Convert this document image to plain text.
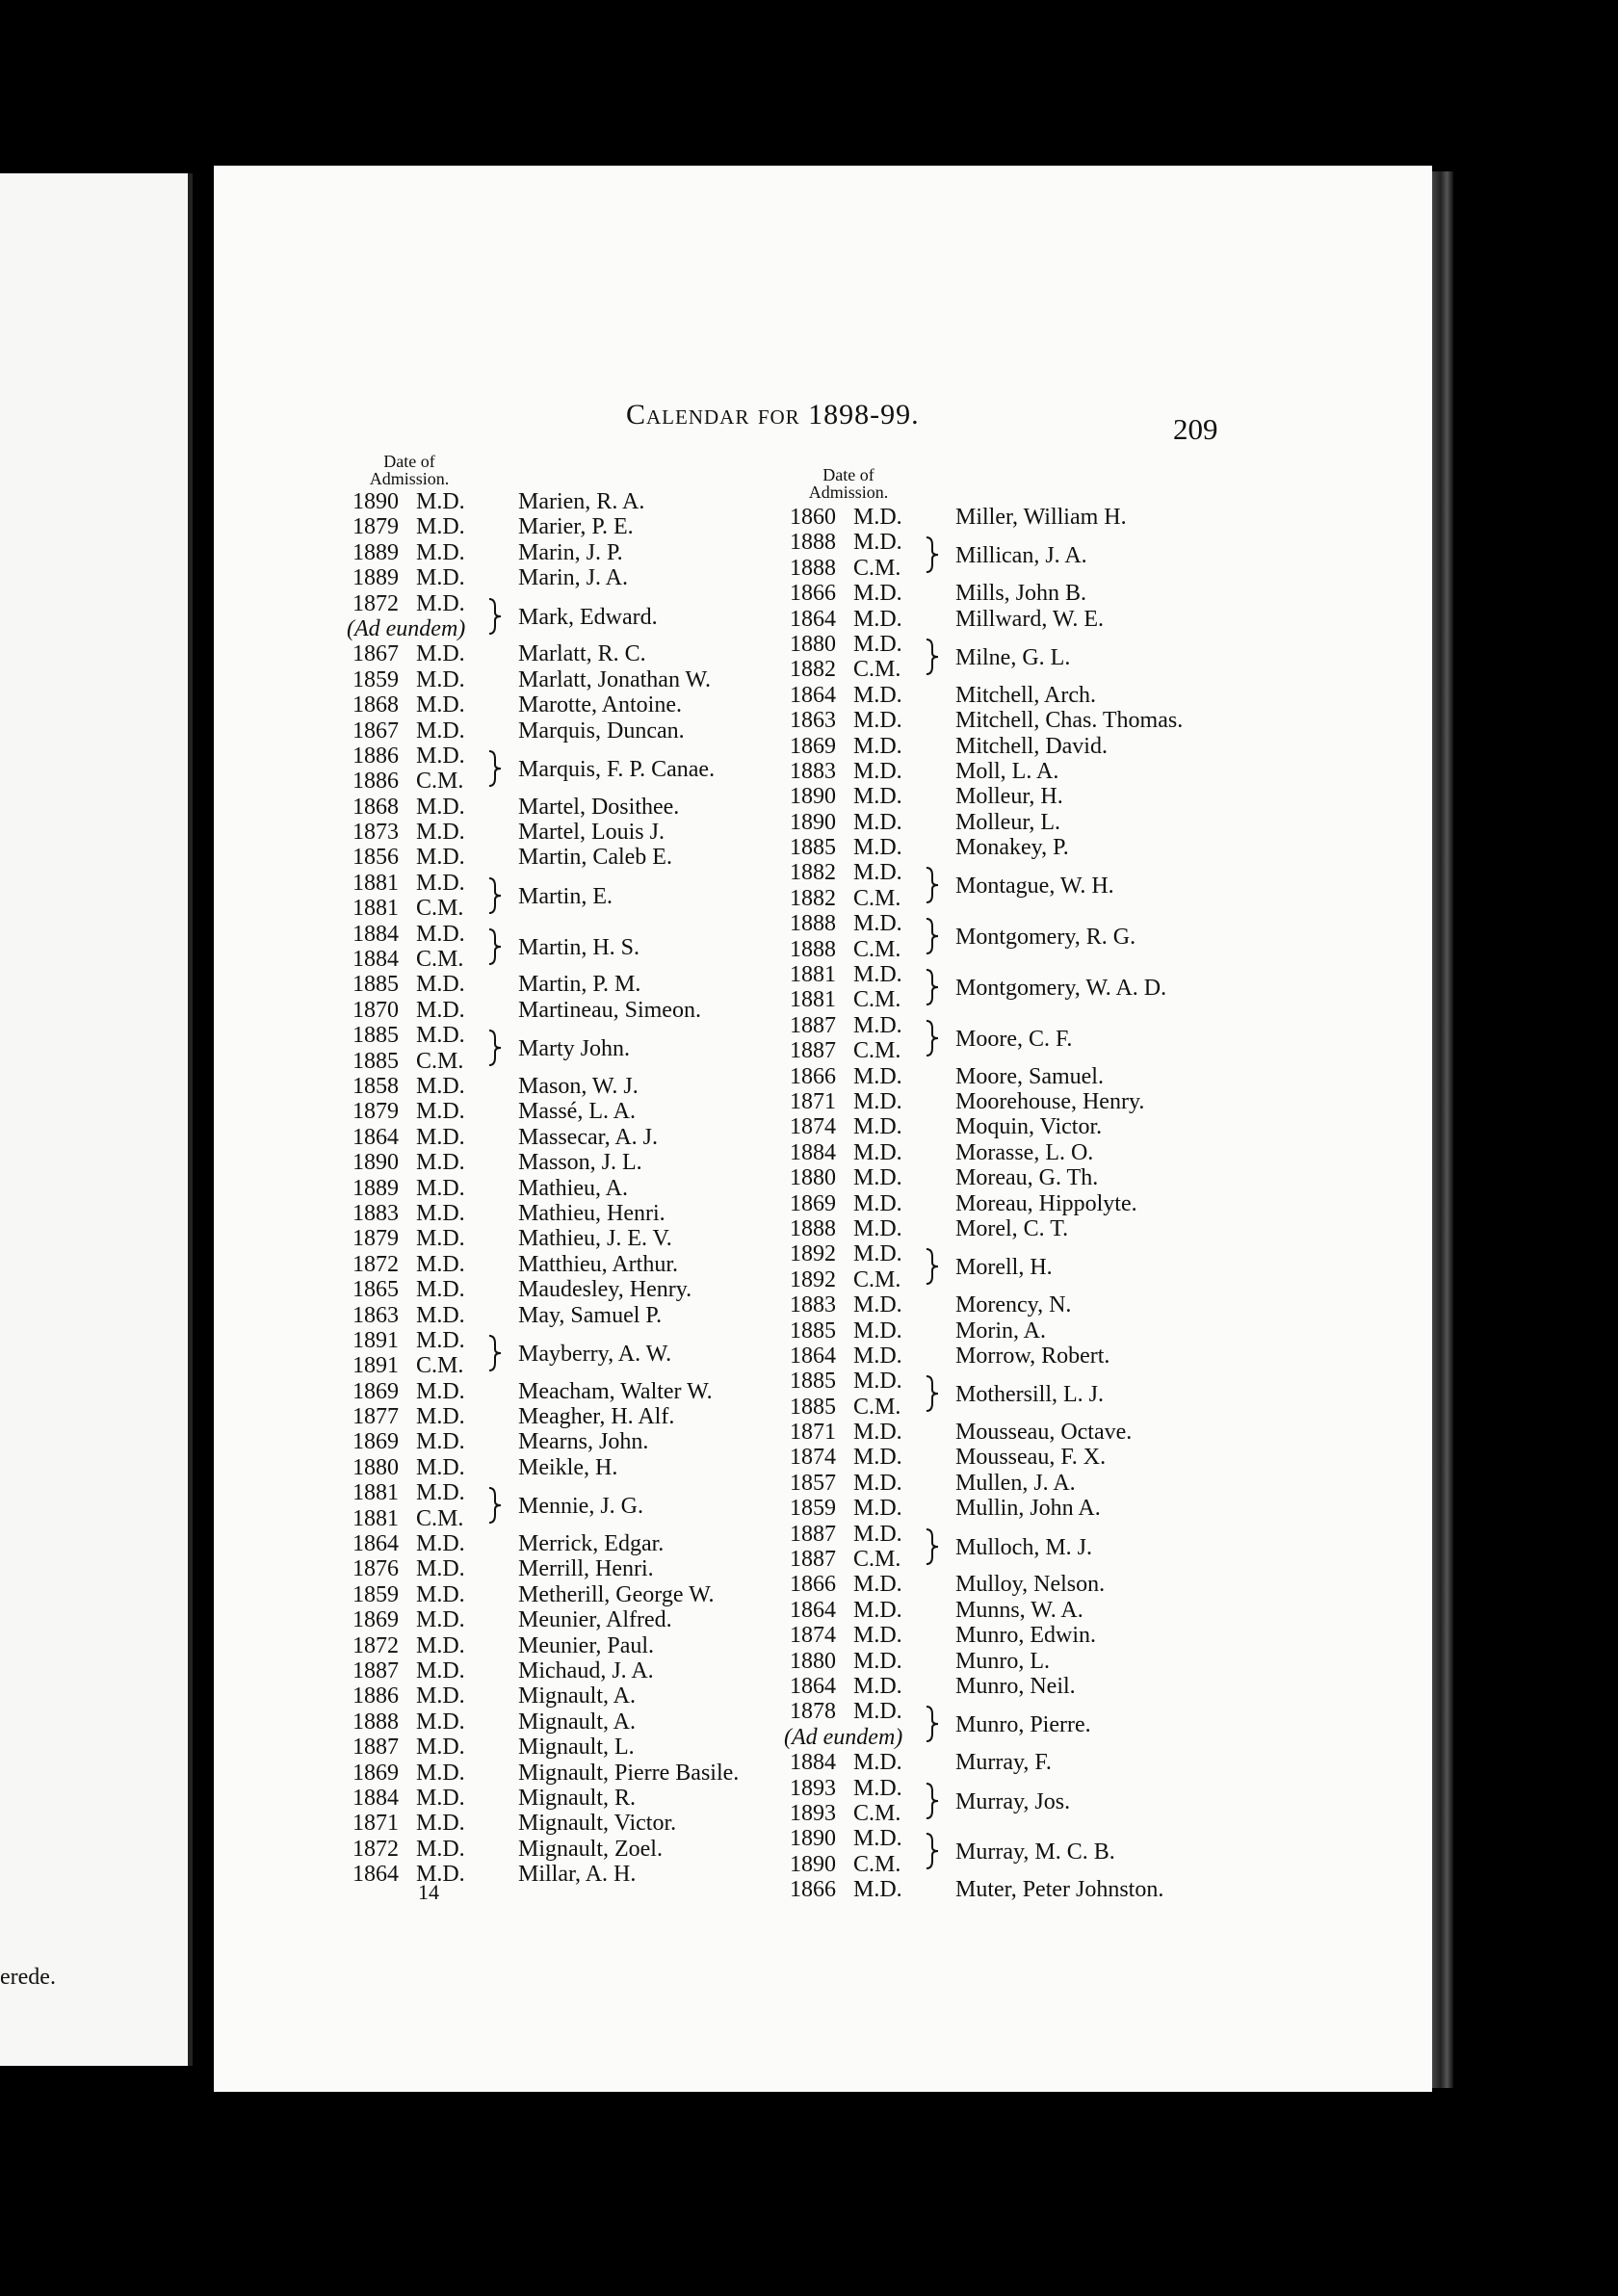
erede.
Calendar for 1898-99.	209
Date of
Admission.	Date of
Admission.
1890 M.D. Marien, R. A.
1879 M.D. Marier, P. E.
1889 M.D. Marin, J. P.
1889 M.D. Marin, J. A.
1872 M.D.
Mark, Edward.
(Ad eundem)
1867 M.D. Marlatt, R. C.
1859 M.D. Marlatt, Jonathan W.
1868 M.D. Marotte, Antoine.
1867 M.D. Marquis, Duncan.
1886 M.D.
Marquis, F. P. Canae.
1886 C.M.
1868 M.D. Martel, Dosithee.
1873 M.D. Martel, Louis J.
1856 M.D. Martin, Caleb E.
1881 M.D.
Martin, E.
1881 C.M.
1884 M.D.
Martin, H. S.
1884 C.M.
1885 M.D. Martin, P. M.
1870 M.D. Martineau, Simeon.
1885 M.D.
Marty John.
1885 C.M.
1858 M.D. Mason, W. J.
1879 M.D. Massé, L. A.
1864 M.D. Massecar, A. J.
1890 M.D. Masson, J. L.
1889 M.D. Mathieu, A.
1883 M.D. Mathieu, Henri.
1879 M.D. Mathieu, J. E. V.
1872 M.D. Matthieu, Arthur.
1865 M.D. Maudesley, Henry.
1863 M.D. May, Samuel P.
1891 M.D.
Mayberry, A. W.
1891 C.M.
1869 M.D. Meacham, Walter W.
1877 M.D. Meagher, H. Alf.
1869 M.D. Mearns, John.
1880 M.D. Meikle, H.
1881 M.D.
Mennie, J. G.
1881 C.M.
1864 M.D. Merrick, Edgar.
1876 M.D. Merrill, Henri.
1859 M.D. Metherill, George W.
1869 M.D. Meunier, Alfred.
1872 M.D. Meunier, Paul.
1887 M.D. Michaud, J. A.
1886 M.D. Mignault, A.
1888 M.D. Mignault, A.
1887 M.D. Mignault, L.
1869 M.D. Mignault, Pierre Basile.
1884 M.D. Mignault, R.
1871 M.D. Mignault, Victor.
1872 M.D. Mignault, Zoel.
1864 M.D. Millar, A. H.
1860 M.D. Miller, William H.
1888 M.D.
Millican, J. A.
1888 C.M.
1866 M.D. Mills, John B.
1864 M.D. Millward, W. E.
1880 M.D.
Milne, G. L.
1882 C.M.
1864 M.D. Mitchell, Arch.
1863 M.D. Mitchell, Chas. Thomas.
1869 M.D. Mitchell, David.
1883 M.D. Moll, L. A.
1890 M.D. Molleur, H.
1890 M.D. Molleur, L.
1885 M.D. Monakey, P.
1882 M.D.
Montague, W. H.
1882 C.M.
1888 M.D.
Montgomery, R. G.
1888 C.M.
1881 M.D.
Montgomery, W. A. D.
1881 C.M.
1887 M.D.
Moore, C. F.
1887 C.M.
1866 M.D. Moore, Samuel.
1871 M.D. Moorehouse, Henry.
1874 M.D. Moquin, Victor.
1884 M.D. Morasse, L. O.
1880 M.D. Moreau, G. Th.
1869 M.D. Moreau, Hippolyte.
1888 M.D. Morel, C. T.
1892 M.D.
Morell, H.
1892 C.M.
1883 M.D. Morency, N.
1885 M.D. Morin, A.
1864 M.D. Morrow, Robert.
1885 M.D.
Mothersill, L. J.
1885 C.M.
1871 M.D. Mousseau, Octave.
1874 M.D. Mousseau, F. X.
1857 M.D. Mullen, J. A.
1859 M.D. Mullin, John A.
1887 M.D.
Mulloch, M. J.
1887 C.M.
1866 M.D. Mulloy, Nelson.
1864 M.D. Munns, W. A.
1874 M.D. Munro, Edwin.
1880 M.D. Munro, L.
1864 M.D. Munro, Neil.
1878 M.D.
Munro, Pierre.
(Ad eundem)
1884 M.D. Murray, F.
1893 M.D.
Murray, Jos.
1893 C.M.
1890 M.D.
Murray, M. C. B.
1890 C.M.
1866 M.D. Muter, Peter Johnston.
14
